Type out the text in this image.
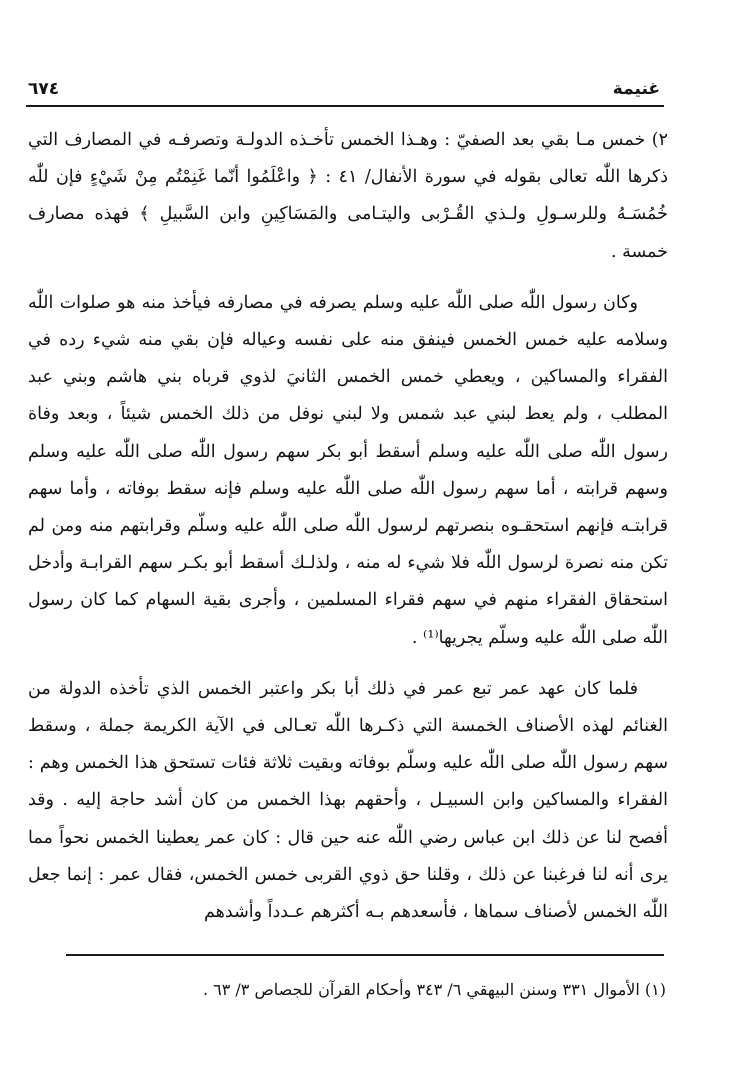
غنيمة
٦٧٤

٢) خمس مـا بقي بعد الصفيّ : وهـذا الخمس تأخـذه الدولـة وتصرفـه في المصارف التي ذكرها اللّٰه تعالى بقوله في سورة الأنفال/ ٤١ : ﴿ واعْلَمُوا أنّما غَنِمْتُم مِنْ شَيْءٍ فإن للّٰه خُمُسَـهُ وللرسـولِ ولـذي القُـرْبى واليتـامى والمَسَاكِينِ وابن السَّبيلِ ﴾ فهذه مصارف خمسة .

وكان رسول اللّٰه صلى اللّٰه عليه وسلم يصرفه في مصارفه فيأخذ منه هو صلوات اللّٰه وسلامه عليه خمس الخمس فينفق منه على نفسه وعياله فإن بقي منه شيء رده في الفقراء والمساكين ، ويعطي خمس الخمس الثانيَ لذوي قرباه بني هاشم وبني عبد المطلب ، ولم يعط لبني عبد شمس ولا لبني نوفل من ذلك الخمس شيئاً ، وبعد وفاة رسول اللّٰه صلى اللّٰه عليه وسلم أسقط أبو بكر سهم رسول اللّٰه صلى اللّٰه عليه وسلم وسهم قرابته ، أما سهم رسول اللّٰه صلى اللّٰه عليه وسلم فإنه سقط بوفاته ، وأما سهم قرابتـه فإنهم استحقـوه بنصرتهم لرسول اللّٰه صلى اللّٰه عليه وسلّم وقرابتهم منه ومن لم تكن منه نصرة لرسول اللّٰه فلا شيء له منه ، ولذلـك أسقط أبو بكـر سهم القرابـة وأدخل استحقاق الفقراء منهم في سهم فقراء المسلمين ، وأجرى بقية السهام كما كان رسول اللّٰه صلى اللّٰه عليه وسلّم يجريها⁽¹⁾ .

فلما كان عهد عمر تبع عمر في ذلك أبا بكر واعتبر الخمس الذي تأخذه الدولة من الغنائم لهذه الأصناف الخمسة التي ذكـرها اللّٰه تعـالى في الآية الكريمة جملة ، وسقط سهم رسول اللّٰه صلى اللّٰه عليه وسلّم بوفاته وبقيت ثلاثة فئات تستحق هذا الخمس وهم : الفقراء والمساكين وابن السبيـل ، وأحقهم بهذا الخمس من كان أشد حاجة إليه . وقد أفصح لنا عن ذلك ابن عباس رضي اللّٰه عنه حين قال : كان عمر يعطينا الخمس نحواً مما يرى أنه لنا فرغبنا عن ذلك ، وقلنا حق ذوي القربى خمس الخمس، فقال عمر : إنما جعل اللّٰه الخمس لأصناف سماها ، فأسعدهم بـه أكثرهم عـدداً وأشدهم

(١) الأموال ٣٣١ وسنن البيهقي ٦/ ٣٤٣ وأحكام القرآن للجصاص ٣/ ٦٣ .
